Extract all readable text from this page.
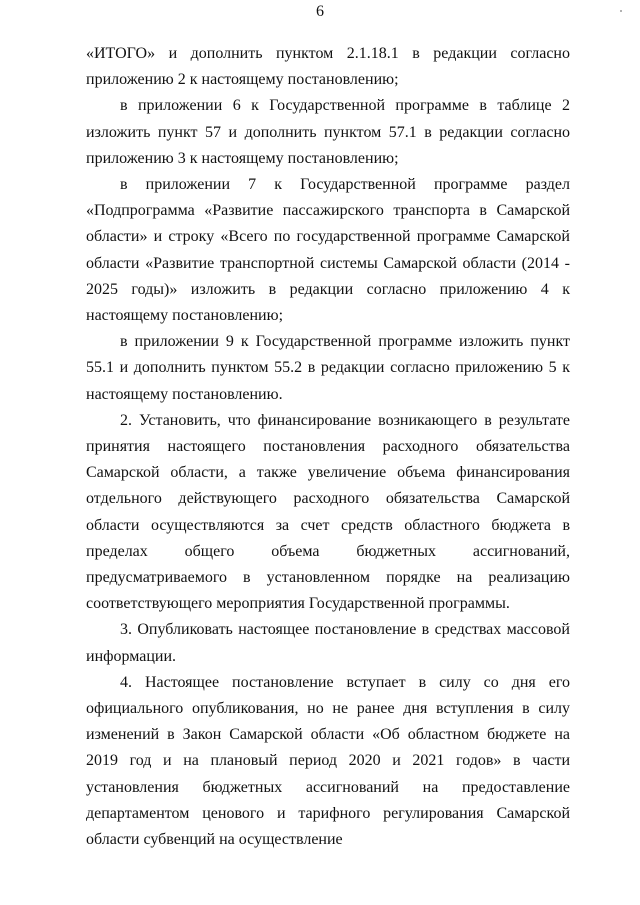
6

«ИТОГО» и дополнить пунктом 2.1.18.1 в редакции согласно приложению 2 к настоящему постановлению;

в приложении 6 к Государственной программе в таблице 2 изложить пункт 57 и дополнить пунктом 57.1 в редакции согласно приложению 3 к настоящему постановлению;

в приложении 7 к Государственной программе раздел «Подпрограмма «Развитие пассажирского транспорта в Самарской области» и строку «Всего по государственной программе Самарской области «Развитие транспортной системы Самарской области (2014 - 2025 годы)» изложить в редакции согласно приложению 4 к настоящему постановлению;

в приложении 9 к Государственной программе изложить пункт 55.1 и дополнить пунктом 55.2 в редакции согласно приложению 5 к настоящему постановлению.

2. Установить, что финансирование возникающего в результате принятия настоящего постановления расходного обязательства Самарской области, а также увеличение объема финансирования отдельного действующего расходного обязательства Самарской области осуществляются за счет средств областного бюджета в пределах общего объема бюджетных ассигнований, предусматриваемого в установленном порядке на реализацию соответствующего мероприятия Государственной программы.

3. Опубликовать настоящее постановление в средствах массовой информации.

4. Настоящее постановление вступает в силу со дня его официального опубликования, но не ранее дня вступления в силу изменений в Закон Самарской области «Об областном бюджете на 2019 год и на плановый период 2020 и 2021 годов» в части установления бюджетных ассигнований на предоставление департаментом ценового и тарифного регулирования Самарской области субвенций на осуществление
